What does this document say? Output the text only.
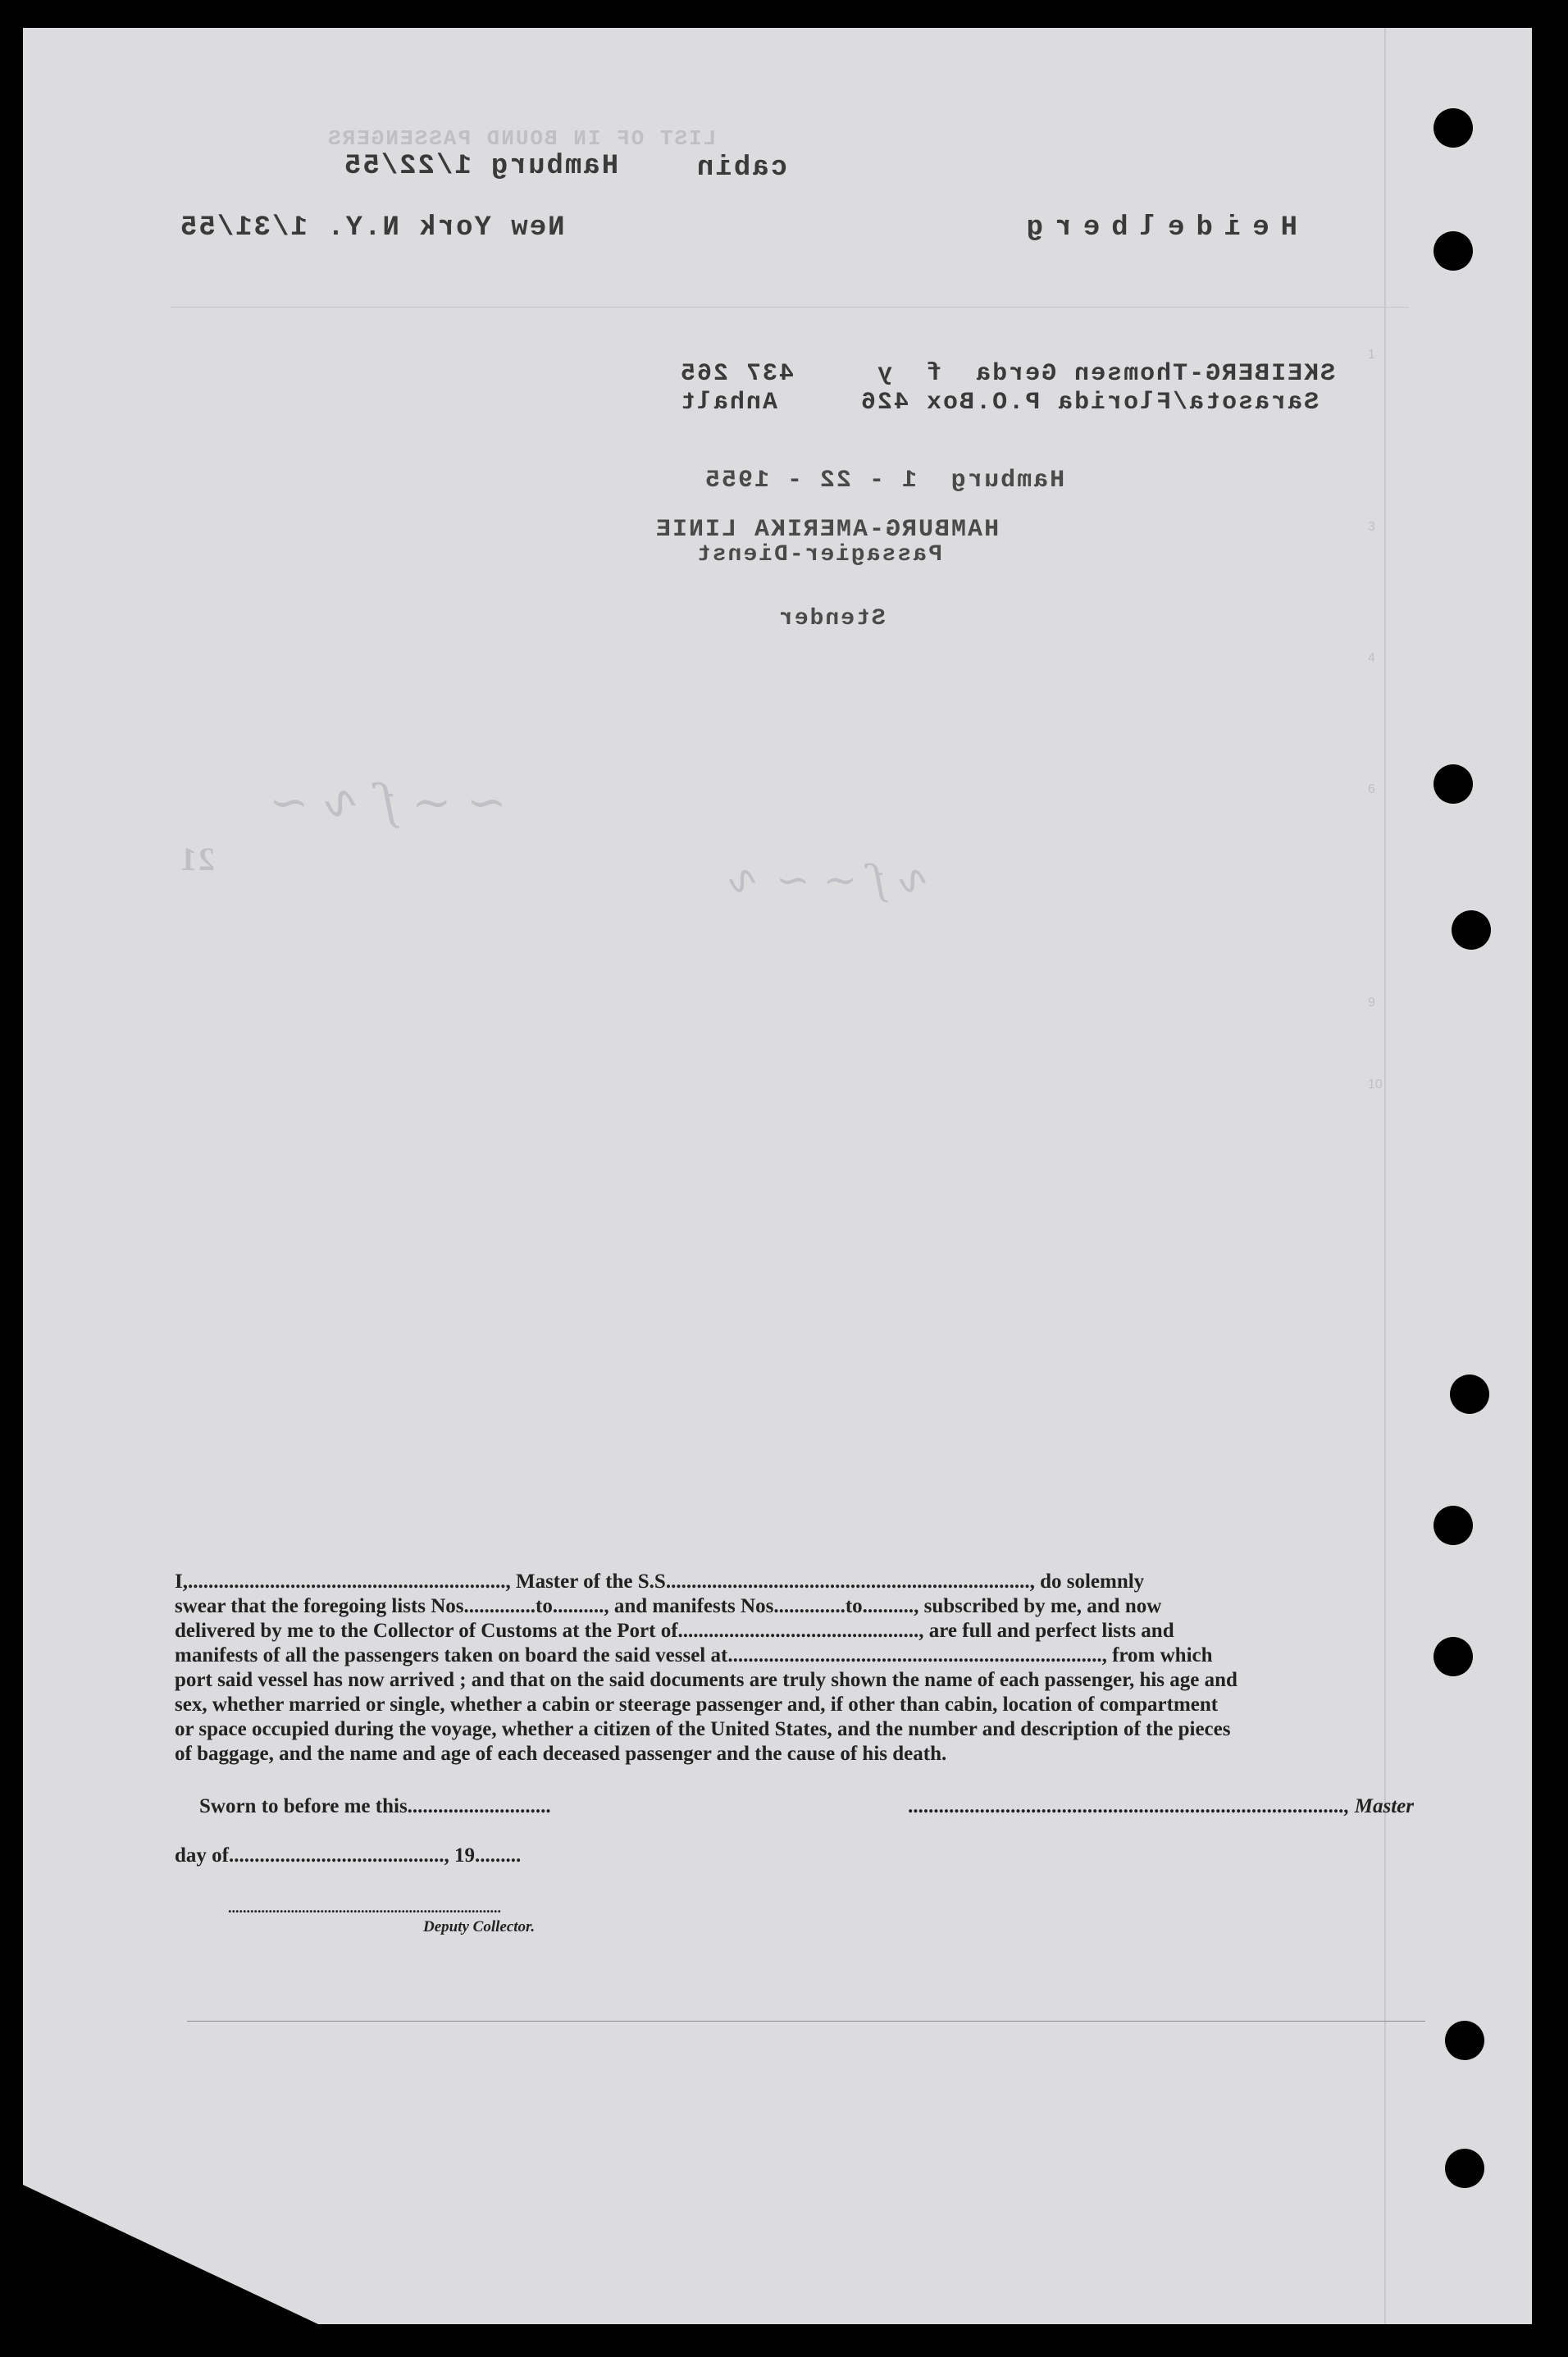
1
3
4
6
9
10
LIST OF IN BOUND PASSENGERS
Hamburg 1/22/55	cabin
New York N.Y. 1/31/55	Heidelberg
SKEIBERG-Thomsen Gerda  f  y     437 265
Sarasota/Florida P.O.Box 426     Anhalt
Hamburg  1 - 22 - 1955
HAMBURG-AMERIKA LINIE
Passagier-Dienst
Stender
~ ∽ ſ ∿ ~
∿ ſ ∽ ~ ∿
21

I,.............................................................., Master of the S.S......................................................................., do solemnly

swear that the foregoing lists Nos..............to.........., and manifests Nos..............to.........., subscribed by me, and now

delivered by me to the Collector of Customs at the Port of..............................................., are full and perfect lists and

manifests of all the passengers taken on board the said vessel at........................................................................., from which

port said vessel has now arrived ; and that on the said documents are truly shown the name of each passenger, his age and

sex, whether married or single, whether a cabin or steerage passenger and, if other than cabin, location of compartment

or space occupied during the voyage, whether a citizen of the United States, and the number and description of the pieces

of baggage, and the name and age of each deceased passenger and the cause of his death.

Sworn to before me this............................	....................................................................................., Master
day of.........................................., 19.........
..........................................................................
Deputy Collector.
